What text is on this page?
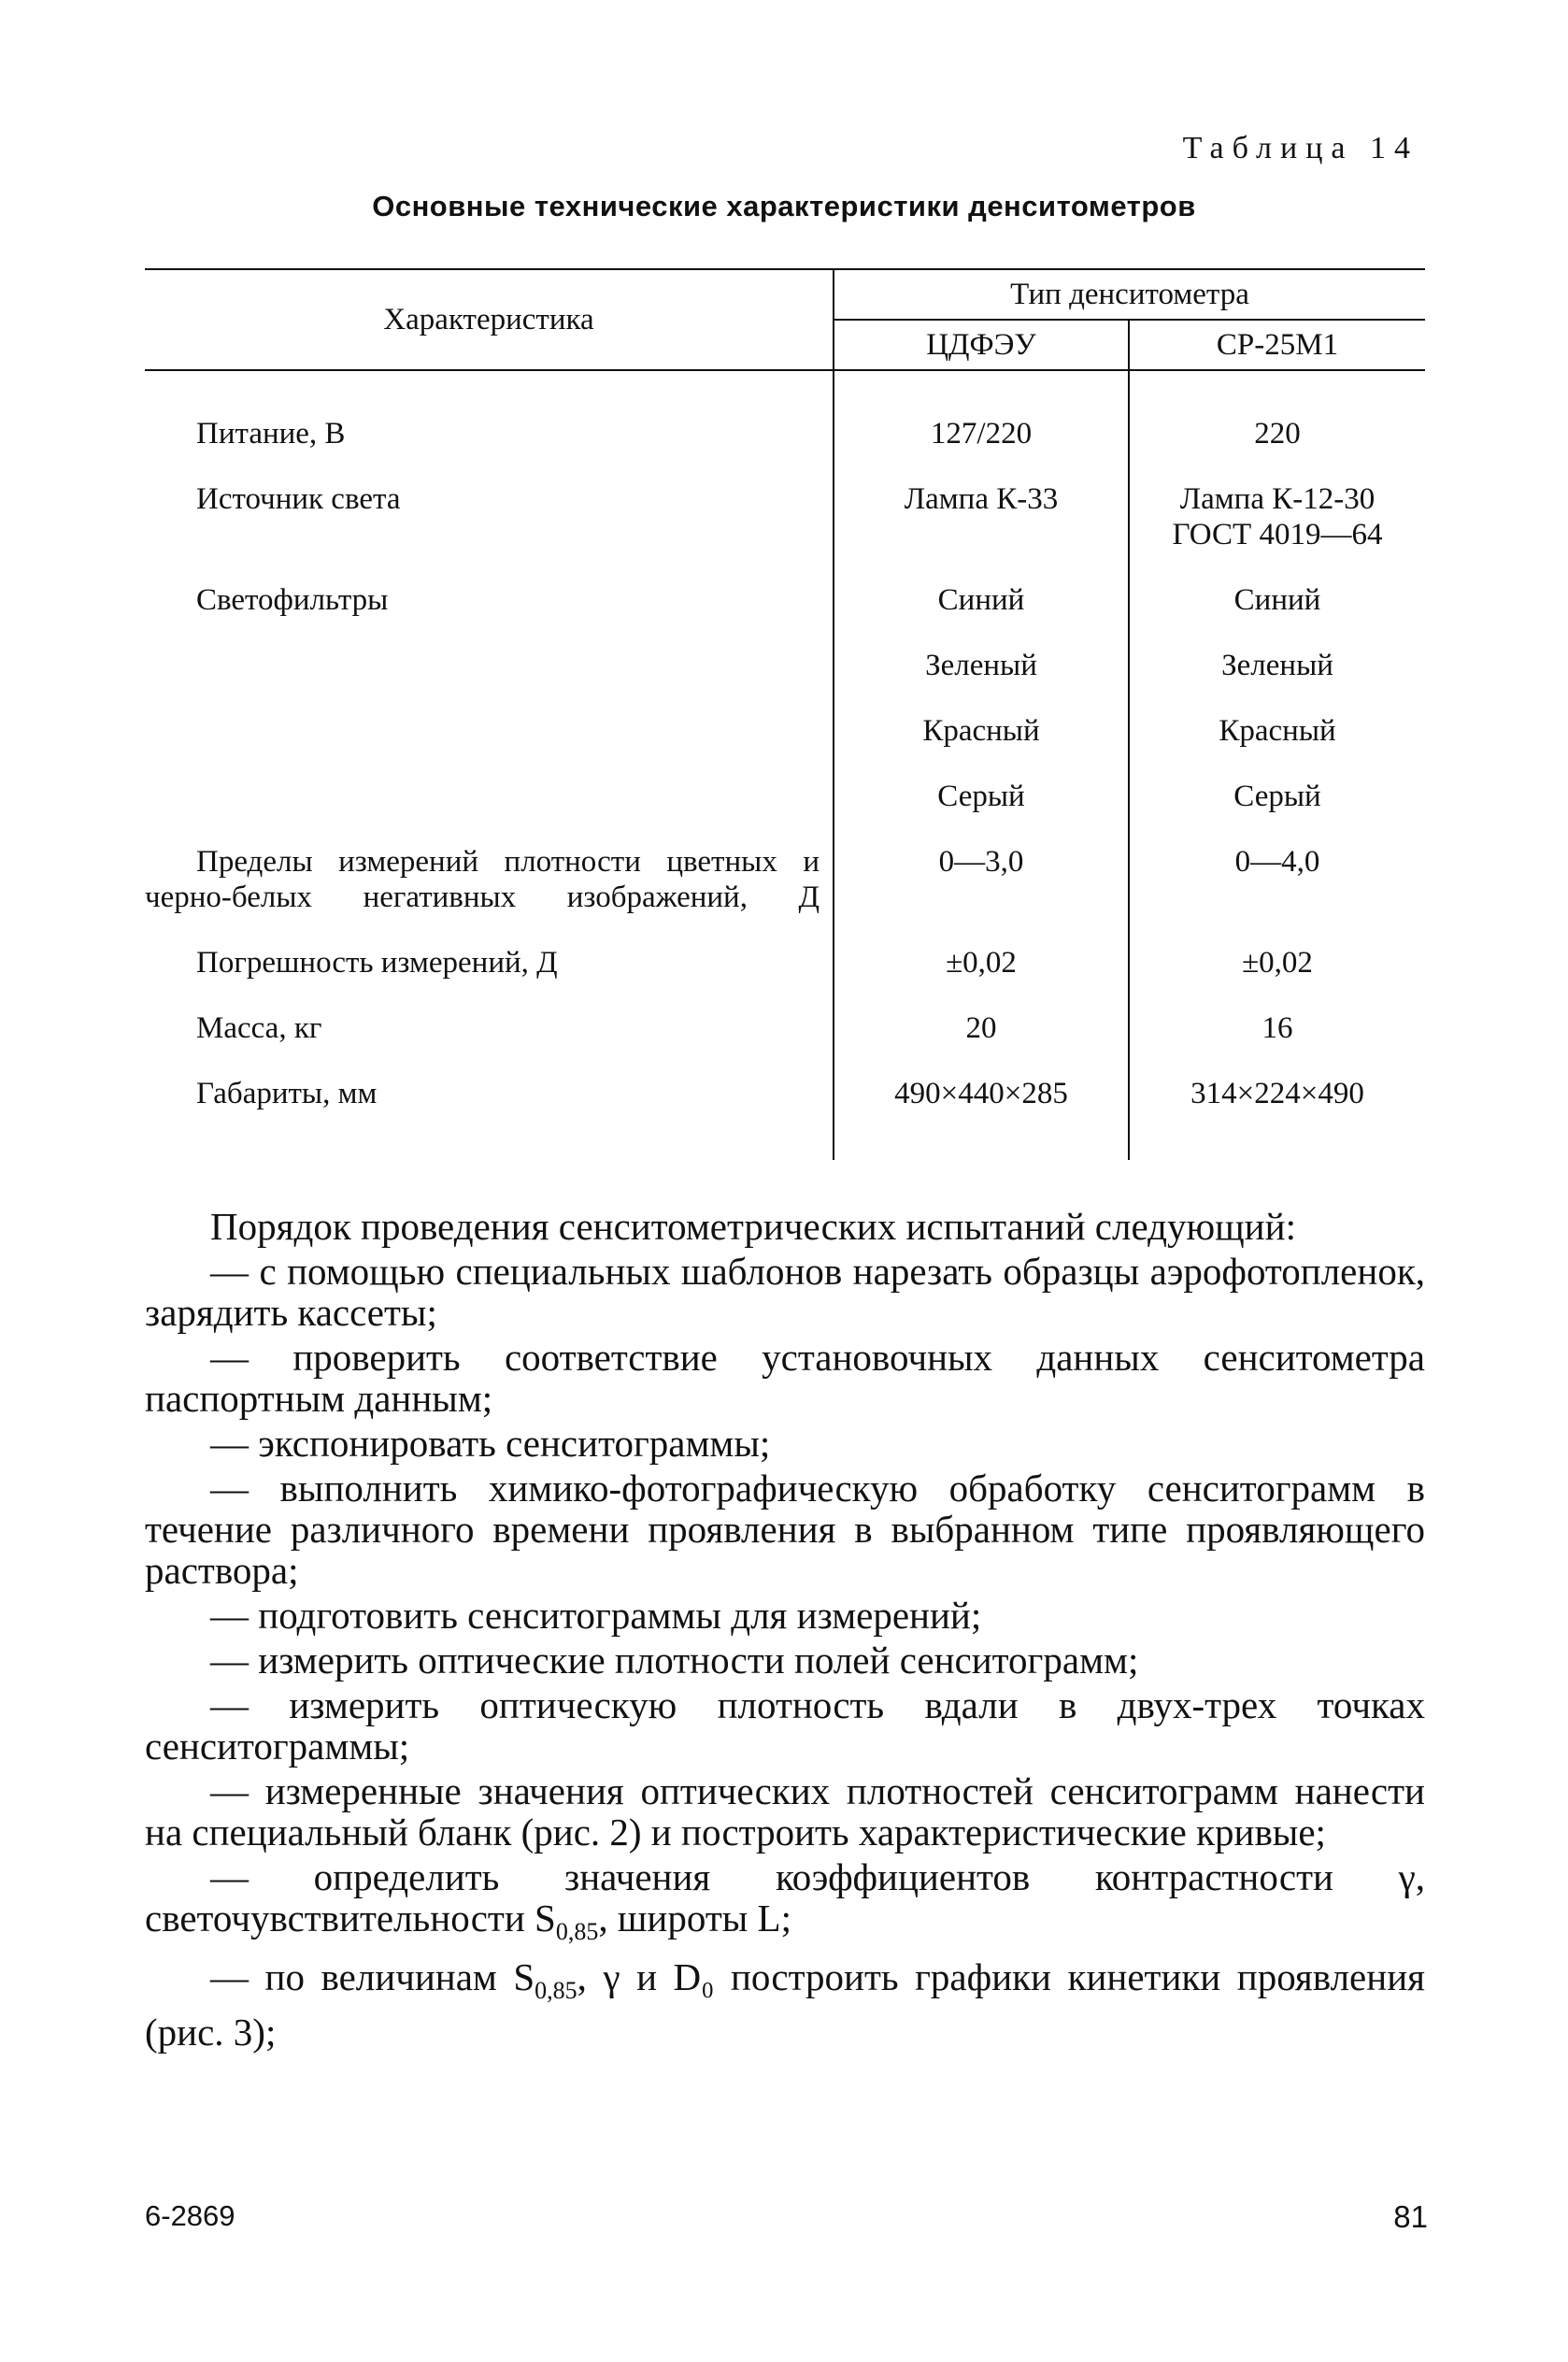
Таблица 14
Основные технические характеристики денситометров
Характеристика	Тип денситометра	
	ЦДФЭУ	СР-25М1

Питание, В	127/220	220
Источник света	Лампа К-33	Лампа К-12-30
ГОСТ 4019—64

Светофильтры	Синий	Синий
	Зеленый	Зеленый
	Красный	Красный
	Серый	Серый

Пределы измерений плотности цветных и
черно-белых негативных изображений, Д	0—3,0	0—4,0
Погрешность измерений, Д	±0,02	±0,02
Масса, кг	20	16
Габариты, мм	490×440×285	314×224×490

Порядок проведения сенситометрических испытаний следующий:

— с помощью специальных шаблонов нарезать образцы аэрофотопленок, зарядить кассеты;

— проверить соответствие установочных данных сенситометра паспортным данным;

— экспонировать сенситограммы;

— выполнить химико-фотографическую обработку сенситограмм в течение различного времени проявления в выбранном типе проявляющего раствора;

— подготовить сенситограммы для измерений;

— измерить оптические плотности полей сенситограмм;

— измерить оптическую плотность вдали в двух-трех точках сенситограммы;

— измеренные значения оптических плотностей сенситограмм нанести на специальный бланк (рис. 2) и построить характеристические кривые;

— определить значения коэффициентов контрастности γ, светочувствительности $S_{0,85}$, широты L;

— по величинам $S_{0,85}$, γ и D₀ построить графики кинетики проявления (рис. 3);

6-2869	81
